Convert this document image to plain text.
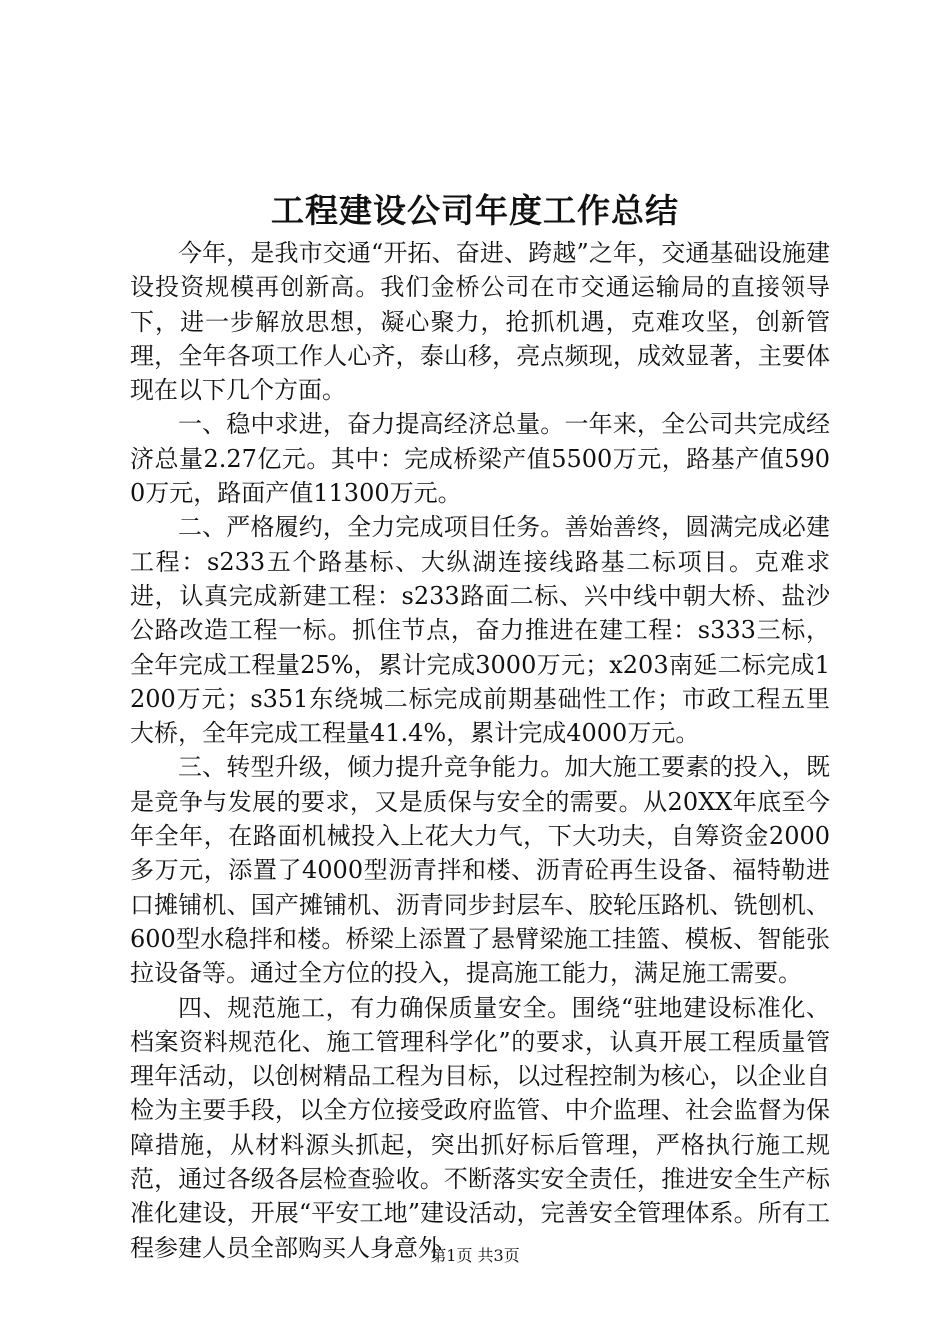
工程建设公司年度工作总结

今年，是我市交通“开拓、奋进、跨越”之年，交通基础设施建设投资规模再创新高。我们金桥公司在市交通运输局的直接领导下，进一步解放思想，凝心聚力，抢抓机遇，克难攻坚，创新管理，全年各项工作人心齐，泰山移，亮点频现，成效显著，主要体现在以下几个方面。

一、稳中求进，奋力提高经济总量。一年来，全公司共完成经济总量2.27亿元。其中：完成桥梁产值5500万元，路基产值5900万元，路面产值11300万元。

二、严格履约，全力完成项目任务。善始善终，圆满完成必建工程：s233五个路基标、大纵湖连接线路基二标项目。克难求进，认真完成新建工程：s233路面二标、兴中线中朝大桥、盐沙公路改造工程一标。抓住节点，奋力推进在建工程：s333三标，全年完成工程量25%，累计完成3000万元；x203南延二标完成1200万元；s351东绕城二标完成前期基础性工作；市政工程五里大桥，全年完成工程量41.4%，累计完成4000万元。

三、转型升级，倾力提升竞争能力。加大施工要素的投入，既是竞争与发展的要求，又是质保与安全的需要。从20XX年底至今年全年，在路面机械投入上花大力气，下大功夫，自筹资金2000多万元，添置了4000型沥青拌和楼、沥青砼再生设备、福特勒进口摊铺机、国产摊铺机、沥青同步封层车、胶轮压路机、铣刨机、600型水稳拌和楼。桥梁上添置了悬臂梁施工挂篮、模板、智能张拉设备等。通过全方位的投入，提高施工能力，满足施工需要。

四、规范施工，有力确保质量安全。围绕“驻地建设标准化、档案资料规范化、施工管理科学化”的要求，认真开展工程质量管理年活动，以创树精品工程为目标，以过程控制为核心，以企业自检为主要手段，以全方位接受政府监管、中介监理、社会监督为保障措施，从材料源头抓起，突出抓好标后管理，严格执行施工规范，通过各级各层检查验收。不断落实安全责任，推进安全生产标准化建设，开展“平安工地”建设活动，完善安全管理体系。所有工程参建人员全部购买人身意外

第1页 共3页
